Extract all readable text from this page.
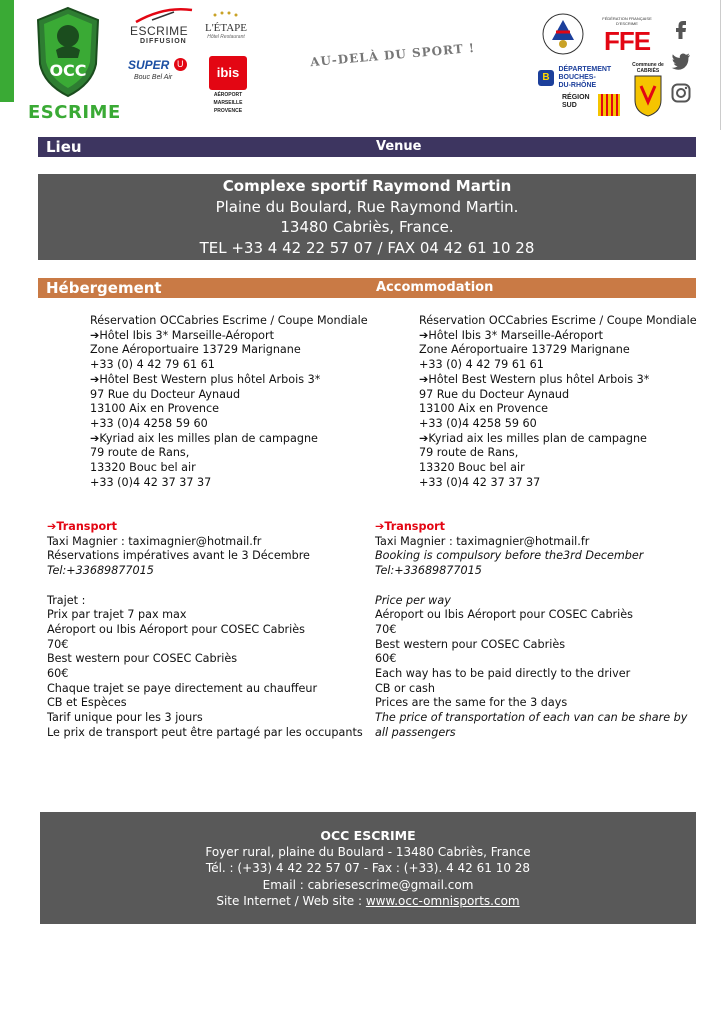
OCC
ESCRIME
ESCRIME
DIFFUSION
L'ÉTAPE
Hôtel Restaurant
SUPER U
Bouc Bel Air	ibis
AÉROPORT
MARSEILLE
PROVENCE
AU-DELÀ DU SPORT !
FÉDÉRATION FRANÇAISE D'ESCRIME
FFE
B DÉPARTEMENT
BOUCHES-
DU-RHÔNE
RÉGION
SUD
Commune de
CABRIÈS
Lieu	Venue
Complexe sportif Raymond Martin
Plaine du Boulard, Rue Raymond Martin.
13480 Cabriès, France.
TEL +33 4 42 22 57 07 / FAX 04 42 61 10 28
Hébergement	Accommodation
Réservation OCCabries Escrime / Coupe Mondiale
➔Hôtel Ibis 3* Marseille-Aéroport
Zone Aéroportuaire 13729 Marignane
+33 (0) 4 42 79 61 61
➔Hôtel Best Western plus hôtel Arbois 3*
97 Rue du Docteur Aynaud
13100 Aix en Provence
+33 (0)4 4258 59 60
➔Kyriad aix les milles plan de campagne
79 route de Rans,
13320 Bouc bel air
+33 (0)4 42 37 37 37
Réservation OCCabries Escrime / Coupe Mondiale
➔Hôtel Ibis 3* Marseille-Aéroport
Zone Aéroportuaire 13729 Marignane
+33 (0) 4 42 79 61 61
➔Hôtel Best Western plus hôtel Arbois 3*
97 Rue du Docteur Aynaud
13100 Aix en Provence
+33 (0)4 4258 59 60
➔Kyriad aix les milles plan de campagne
79 route de Rans,
13320 Bouc bel air
+33 (0)4 42 37 37 37
➔Transport
Taxi Magnier : taximagnier@hotmail.fr
Réservations impératives avant le 3 Décembre
Tel:+33689877015
Trajet :
Prix par trajet 7 pax max
Aéroport ou Ibis Aéroport pour COSEC Cabriès
70€
Best western pour COSEC Cabriès
60€
Chaque trajet se paye directement au chauffeur
CB et Espèces
Tarif unique pour les 3 jours
Le prix de transport peut être partagé par les occupants
➔Transport
Taxi Magnier : taximagnier@hotmail.fr
Booking is compulsory before the3rd December
Tel:+33689877015
Price per way
Aéroport ou Ibis Aéroport pour COSEC Cabriès
70€
Best western pour COSEC Cabriès
60€
Each way has to be paid directly to the driver
CB or cash
Prices are the same for the 3 days
The price of transportation of each van can be share by
all passengers
OCC ESCRIME
Foyer rural, plaine du Boulard - 13480 Cabriès, France
Tél. : (+33) 4 42 22 57 07 - Fax : (+33). 4 42 61 10 28
Email : cabriesescrime@gmail.com
Site Internet / Web site : www.occ-omnisports.com
